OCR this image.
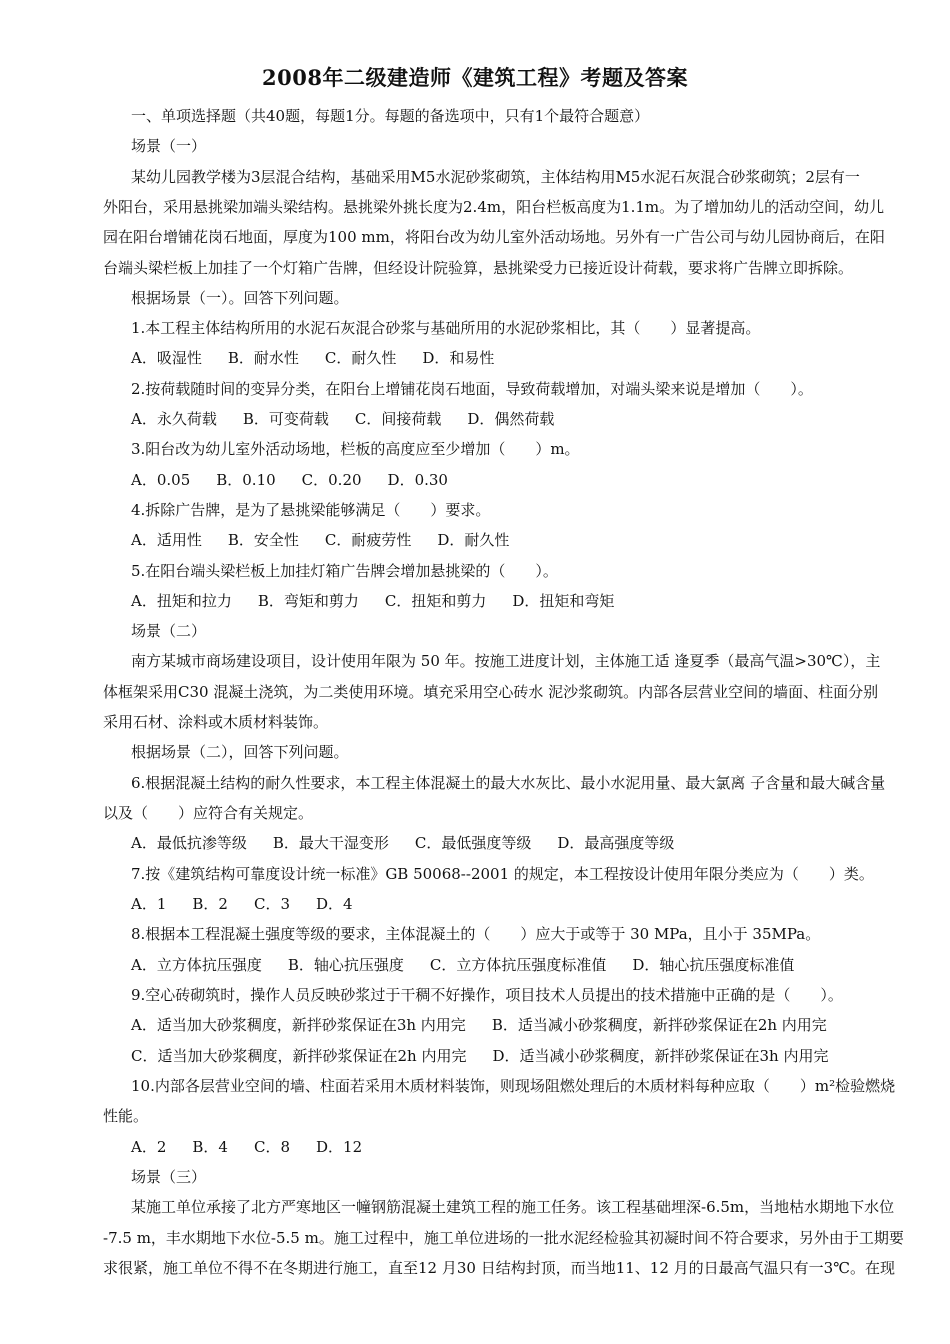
2008年二级建造师《建筑工程》考题及答案
一、单项选择题（共40题，每题1分。每题的备选项中，只有1个最符合题意）
场景（一）
某幼儿园教学楼为3层混合结构，基础采用M5水泥砂浆砌筑，主体结构用M5水泥石灰混合砂浆砌筑；2层有一
外阳台，采用悬挑梁加端头梁结构。悬挑梁外挑长度为2.4m，阳台栏板高度为1.1m。为了增加幼儿的活动空间，幼儿
园在阳台增铺花岗石地面，厚度为100 mm，将阳台改为幼儿室外活动场地。另外有一广告公司与幼儿园协商后，在阳
台端头梁栏板上加挂了一个灯箱广告牌，但经设计院验算，悬挑梁受力已接近设计荷载，要求将广告牌立即拆除。
根据场景（一）。回答下列问题。
1.本工程主体结构所用的水泥石灰混合砂浆与基础所用的水泥砂浆相比，其（　　）显著提高。
A．吸湿性 B．耐水性 C．耐久性 D．和易性
2.按荷载随时间的变异分类，在阳台上增铺花岗石地面，导致荷载增加，对端头梁来说是增加（　　）。
A．永久荷载 B．可变荷载 C．间接荷载 D．偶然荷载
3.阳台改为幼儿室外活动场地，栏板的高度应至少增加（　　）m。
A．0.05 B．0.10 C．0.20 D．0.30
4.拆除广告牌，是为了悬挑梁能够满足（　　）要求。
A．适用性 B．安全性 C．耐疲劳性 D．耐久性
5.在阳台端头梁栏板上加挂灯箱广告牌会增加悬挑梁的（　　）。
A．扭矩和拉力 B．弯矩和剪力 C．扭矩和剪力 D．扭矩和弯矩
场景（二）
南方某城市商场建设项目，设计使用年限为 50 年。按施工进度计划，主体施工适 逢夏季（最高气温>30℃），主
体框架采用C30 混凝土浇筑，为二类使用环境。填充采用空心砖水 泥沙浆砌筑。内部各层营业空间的墙面、柱面分别
采用石材、涂料或木质材料装饰。
根据场景（二），回答下列问题。
6.根据混凝土结构的耐久性要求，本工程主体混凝土的最大水灰比、最小水泥用量、最大氯离 子含量和最大碱含量
以及（　　）应符合有关规定。
A．最低抗渗等级 B．最大干湿变形 C．最低强度等级 D．最高强度等级
7.按《建筑结构可靠度设计统一标准》GB 50068--2001 的规定，本工程按设计使用年限分类应为（　　）类。
A．1 B．2 C．3 D．4
8.根据本工程混凝土强度等级的要求，主体混凝土的（　　）应大于或等于 30 MPa，且小于 35MPa。
A．立方体抗压强度 B．轴心抗压强度 C．立方体抗压强度标准值 D．轴心抗压强度标准值
9.空心砖砌筑时，操作人员反映砂浆过于干稠不好操作，项目技术人员提出的技术措施中正确的是（　　）。
A．适当加大砂浆稠度，新拌砂浆保证在3h 内用完 B．适当减小砂浆稠度，新拌砂浆保证在2h 内用完
C．适当加大砂浆稠度，新拌砂浆保证在2h 内用完 D．适当减小砂浆稠度，新拌砂浆保证在3h 内用完
10.内部各层营业空间的墙、柱面若采用木质材料装饰，则现场阻燃处理后的木质材料每种应取（　　）m²检验燃烧
性能。
A．2 B．4 C．8 D．12
场景（三）
某施工单位承接了北方严寒地区一幢钢筋混凝土建筑工程的施工任务。该工程基础埋深-6.5m，当地枯水期地下水位
-7.5 m，丰水期地下水位-5.5 m。施工过程中，施工单位进场的一批水泥经检验其初凝时间不符合要求，另外由于工期要
求很紧，施工单位不得不在冬期进行施工，直至12 月30 日结构封顶，而当地11、12 月的日最高气温只有一3℃。在现
